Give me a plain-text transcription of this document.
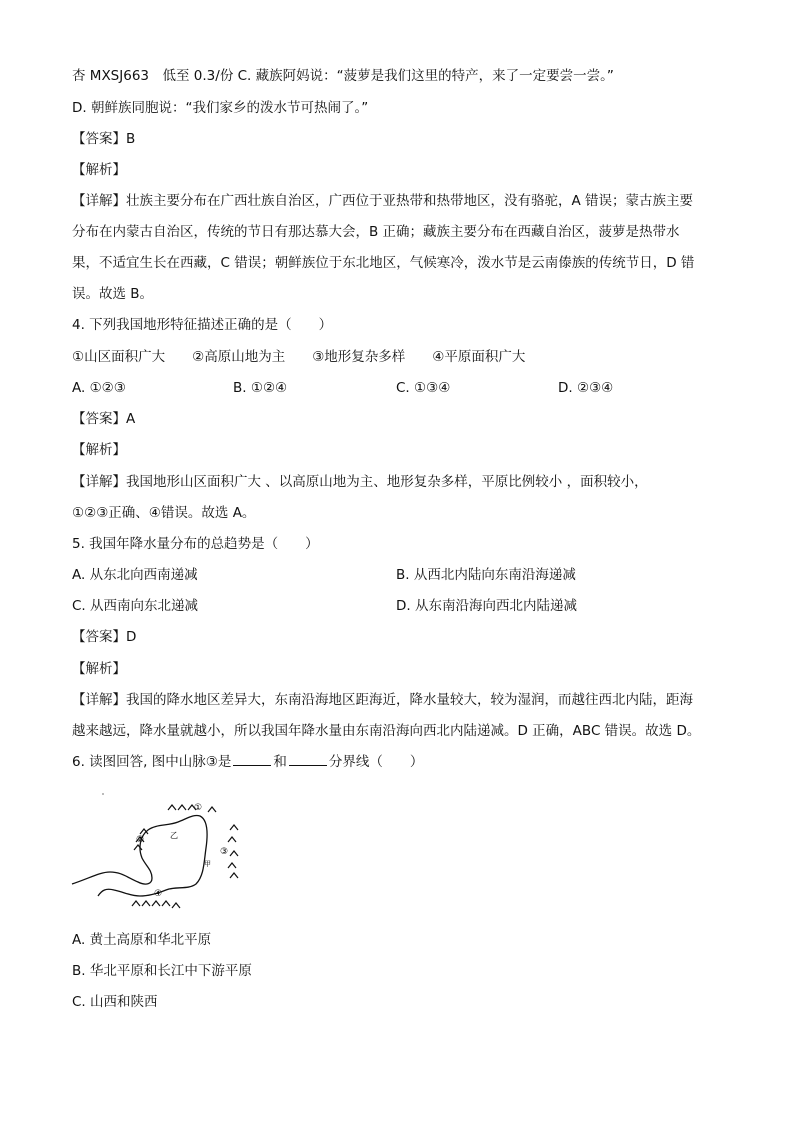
杏 MXSJ663　低至 0.3/份 C. 藏族阿妈说：“菠萝是我们这里的特产，来了一定要尝一尝。”
D. 朝鲜族同胞说：“我们家乡的泼水节可热闹了。”
【答案】B
【解析】
【详解】壮族主要分布在广西壮族自治区，广西位于亚热带和热带地区，没有骆驼，A 错误；蒙古族主要
分布在内蒙古自治区，传统的节日有那达慕大会，B 正确；藏族主要分布在西藏自治区，菠萝是热带水
果，不适宜生长在西藏，C 错误；朝鲜族位于东北地区，气候寒冷，泼水节是云南傣族的传统节日，D 错
误。故选 B。
4. 下列我国地形特征描述正确的是（　　）
①山区面积广大　　②高原山地为主　　③地形复杂多样　　④平原面积广大
A. ①②③	B. ①②④	C. ①③④	D. ②③④
【答案】A
【解析】
【详解】我国地形山区面积广大 、以高原山地为主、地形复杂多样，平原比例较小 ，面积较小，
①②③正确、④错误。故选 A。
5. 我国年降水量分布的总趋势是（　　）
A. 从东北向西南递减	B. 从西北内陆向东南沿海递减
C. 从西南向东北递减	D. 从东南沿海向西北内陆递减
【答案】D
【解析】
【详解】我国的降水地区差异大，东南沿海地区距海近，降水量较大，较为湿润，而越往西北内陆，距海
越来越远，降水量就越小，所以我国年降水量由东南沿海向西北内陆递减。D 正确，ABC 错误。故选 D。
6. 读图回答, 图中山脉③是	和	分界线（　　）
①
②
③
④
乙
甲
A. 黄土高原和华北平原
B. 华北平原和长江中下游平原
C. 山西和陕西
